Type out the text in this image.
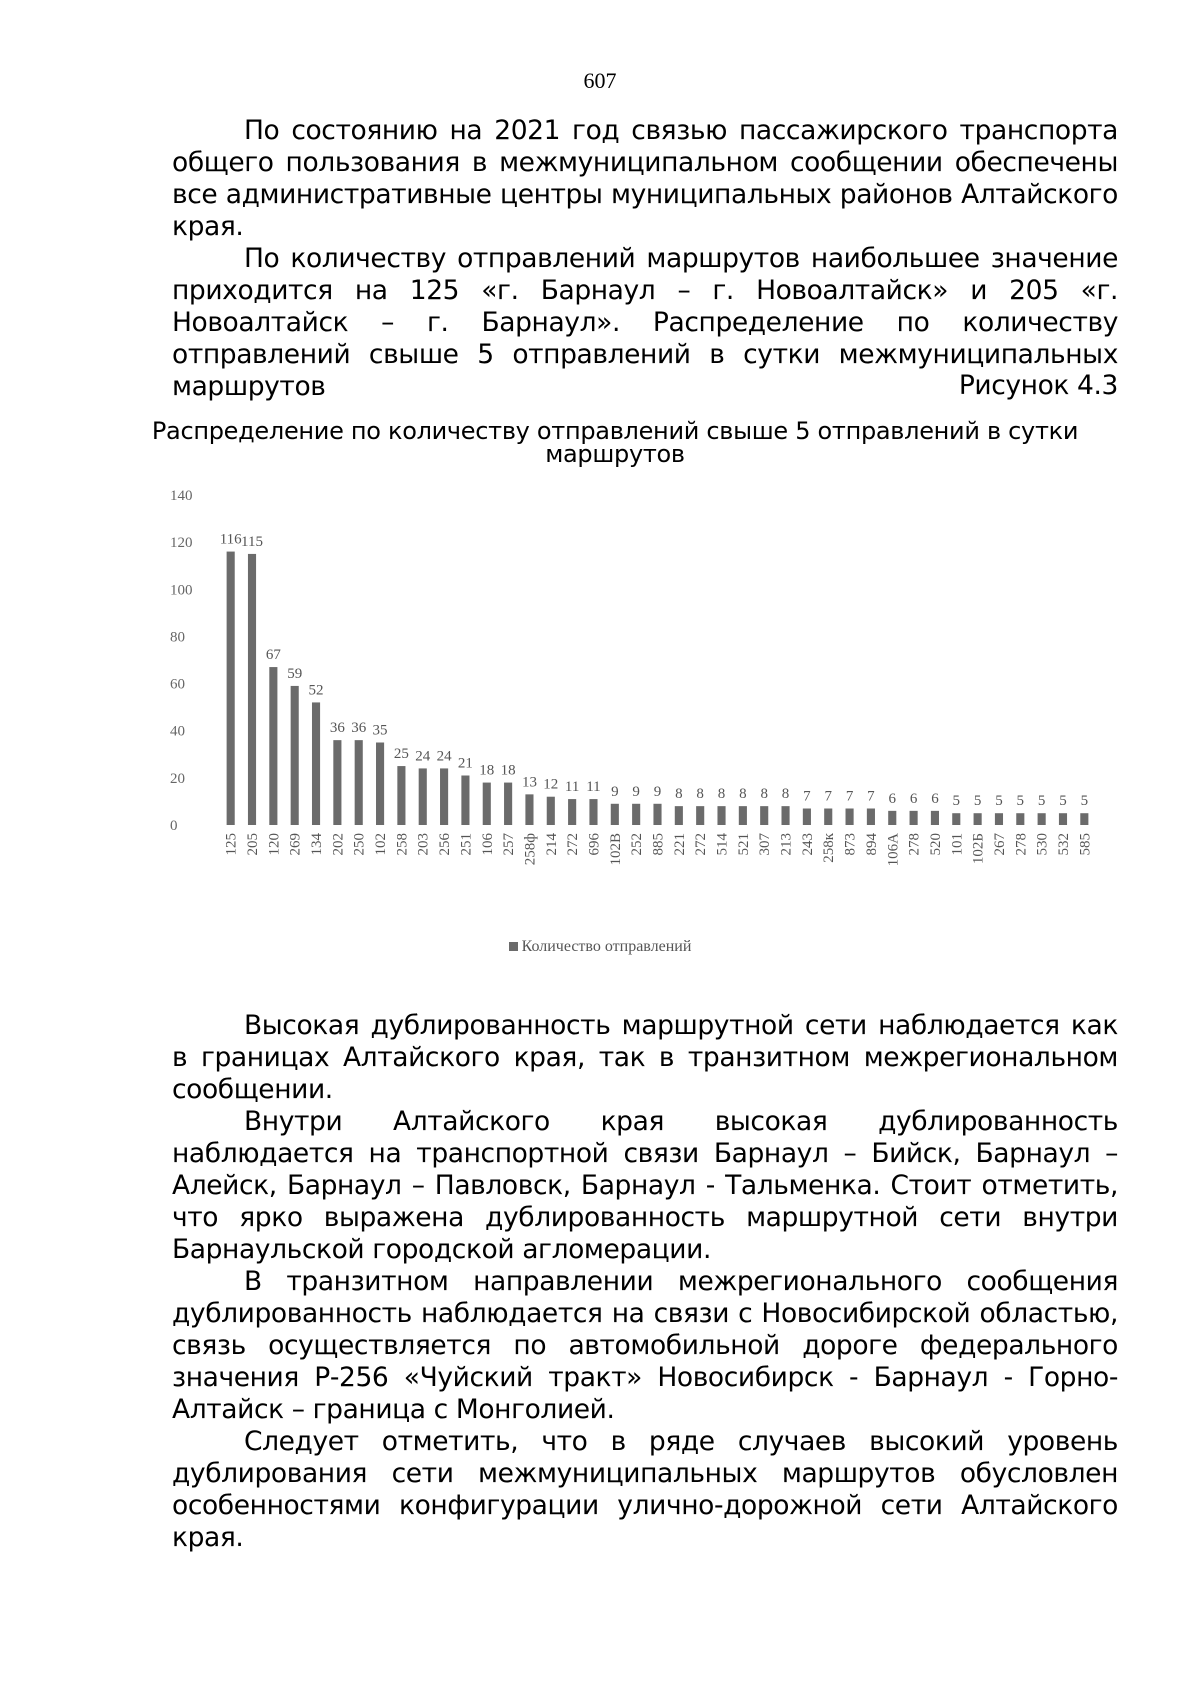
607

По состоянию на 2021 год связью пассажирского транспорта общего пользования в межмуниципальном сообщении обеспечены все административные центры муниципальных районов Алтайского края.

По количеству отправлений маршрутов наибольшее значение приходится на 125 «г. Барнаул – г. Новоалтайск» и 205 «г. Новоалтайск – г. Барнаул». Распределение по количеству отправлений свыше 5 отправлений в сутки межмуниципальных маршрутов	Рисунок 4.3
Распределение по количеству отправлений свыше 5 отправлений в сутки маршрутов
0
20
40
60
80
100
120
140
116
125
115
205
67
120
59
269
52
134
36
202
36
250
35
102
25
258
24
203
24
256
21
251
18
106
18
257
13
258ф
12
214
11
272
11
696
9
102В
9
252
9
885
8
221
8
272
8
514
8
521
8
307
8
213
7
243
7
258к
7
873
7
894
6
106А
6
278
6
520
5
101
5
102Б
5
267
5
278
5
530
5
532
5
585
Количество отправлений

Высокая дублированность маршрутной сети наблюдается как в границах Алтайского края, так в транзитном межрегиональном сообщении.

Внутри Алтайского края высокая дублированность наблюдается на транспортной связи Барнаул – Бийск, Барнаул – Алейск, Барнаул – Павловск, Барнаул - Тальменка. Стоит отметить, что ярко выражена дублированность маршрутной сети внутри Барнаульской городской агломерации.

В транзитном направлении межрегионального сообщения дублированность наблюдается на связи с Новосибирской областью, связь осуществляется по автомобильной дороге федерального значения Р-256 «Чуйский тракт» Новосибирск - Барнаул - Горно-Алтайск – граница с Монголией.

Следует отметить, что в ряде случаев высокий уровень дублирования сети межмуниципальных маршрутов обусловлен особенностями конфигурации улично-дорожной сети Алтайского края.
